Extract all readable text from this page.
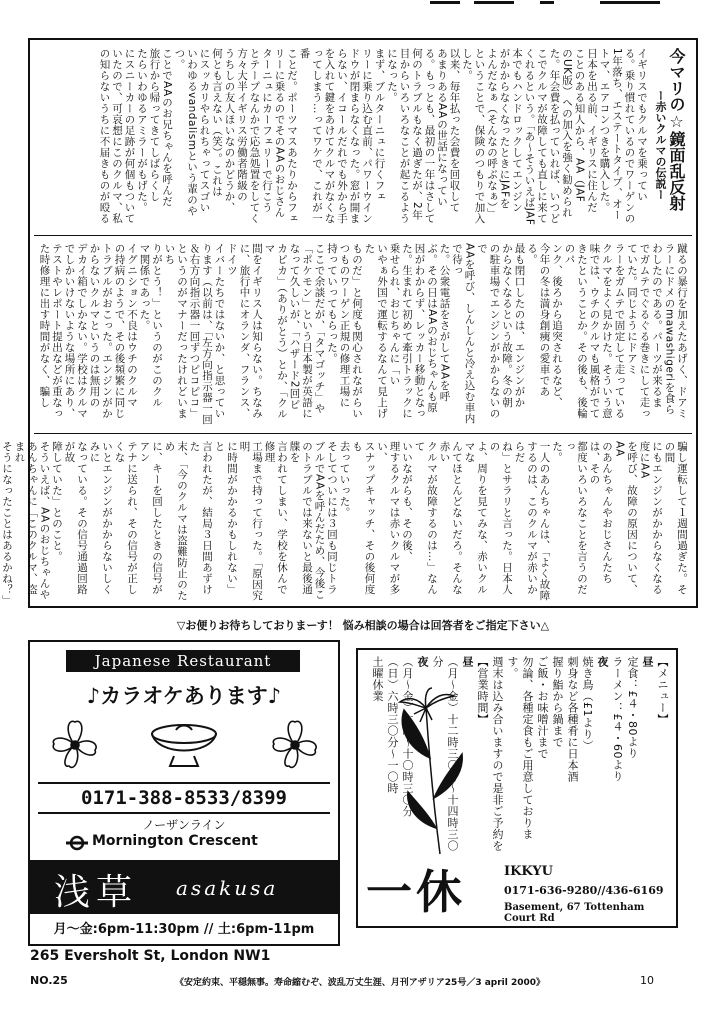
今マリの☆鏡面乱反射
ー赤いクルマの伝説ー
イギリスでもクルマを乗ってい
る。乗り慣れているのでワーゲンの
1年落ち、エステートタイプ、オー
トマ、エアコンつきを購入した。
日本を出る前、イギリスに住んだ
ことのある知人から、AA（JAF
のUK版）への加入を強く勧められ
た。年会費を払っていれば、いつど
こでクルマが故障しても直しに来て
くれるという。「あ〜そういえばJAF
本でもハンドロックしてエンジン
がかからなくなったときにJAFを
よんだなぁ（そんなの呼ぶなぁ）」
ということで、保険のつもりで加入
した。
以来、毎年払った会費を回収して
あまりあるAAの世話になってい
る。もっとも、最初の一年はさして
何のトラブルもなく過ぎたが、2年
目からいろいろなことが起こるよう
になった。
まず、ブルターニュに行くフェ
リーに乗り込む直前、パワーウイン
ドウが閉まらなくなった。窓が開ま
らない、イコールだれでも外から手
を入れて鍵をあけてクルマがなくな
ってしまう…ってワケで、これが一番
ことだ。ポーツマスあたりからフェ
リーに乗るのでそのAAのおじさん
ターニュにカーフェリーで行こう
とテープなんかで応急処置をしてく
方々大半イギリス労働者階級の
うちしの友人ほいなのかどうか、
何とも言えない（笑）。これは
にスッカリやられちゃってスゴい
いわゆるvandalismという輩のやつ。
ことでAAのお兄ちゃんを呼んだ
旅行から帰ってきてしばらくし
たらいわゆるアミラーがもげた。
にスニーカーの足跡が何個もついて
いたので、可哀想にこのクルマ、私
の知らないうちに不届きものが殴る

蹴るの暴行を加えたあげく、ドアミ
ラーにドメのmawashigeriを食ら
わしたのである。パーツが来るま
でガムテでぐるぐる巻きにして走っ
ていた。同じようにドアミ
ラーをガムテで固定して走っている
クルマをよく見かけた。そういう意
味では、ウチのクルマも風格がでて
きたということか。その後も、後輪のパ
ンク、後ろから追突されるなど、
今年の冬は満身創痍の愛車であ
る。
最も閉口したのは、エンジンがか
からなくなるという故障。冬の朝
の駐車場でエンジンがかからないので
AAを呼び、しんしんと冷え込む車内で待っ
た。公衆電話をさがしてAAを呼
ぶ。その日はAAのおじちゃんも原
因がわからず、レッカー移動となっ
た。生まれて初めて牽引トラックに
乗せられ、おじちゃんに「い
いやぁ外国で運転するなんて見上げた
ものだ」と何度も関心されながらい
つものワーゲン正規の修理工場に
持っていってもらった。
ここで余談だが、「タマゴッチ」や
「ポケモン」という日本製が英語に
なって久しいが、「ハザード2回ピ
カピカ」（ありがとう）とか、「クルマ
間をイギリス人は知らない。ちなみ
に、旅行中にオランダ、フランス、ドイツ
イバーたちではないか、と思ってい
ります（以前は、「左方向指示器一回
＆右方向指示器一回ずつピコピコ」
というのがマナーだったけれどいまいち
りがとう！」というのがこのクル
マ関係であった。
イグニション不良はウチのクルマ
の持病のようで、その後頻繁に同じ
トラブルがおこった。エンジンがか
からないクルマというのは無用の
デカイ箱でしかない。学校はクルマ
でしかいけないような場所にあり、
テストやレポート提出などが重なっ
た時修理に出す時間がなく、騙し

騙し運転して１週間過ぎた。その間
にもエンジンがかからなくなる度にAA
を呼び、故障の原因について、AA
のあんちゃんやおじさんたちは、その
都度いろいろなことを言うのだっ
た。
一人のあんちゃんは、「よく故障
するのは、このクルマが赤いからだ
ね」とサラリと言った。日本人の
よ、周りを見てみな、赤いクルマな
んてほとんどないだろ。そんな赤い
クルマが故障するのは…」なんて
いいながらも、その後、
理するクルマは赤いクルマが多い、
スナップキャッチ、その後何度も
去っていった。
そしてついには３回も同じトラ
ブルでAAを呼んだため、今後こ
のトラブルでは来ないと最後通牒を
言われてしまい、学校を休んで修理
工場まで持って行った。「原因究明
に時間がかかるかもしれない」と
言われたが、結局３日間あずけた
末、「今のクルマは盗難防止のため
に、キーを回したときの信号がアン
テナに送られ、その信号が正しくな
いとエンジンがかからないしくみに
なっている。その信号通過回路が故
障していた」とのこと。
そういえば、AAのおじちゃんや
あんちゃんに「このクルマ、盗まれ
そうになったことはあるかね？」

▽お便りお待ちしておりまーす！ 悩み相談の場合は回答者をご指定下さい△
Japanese Restaurant
♪カラオケあります♪
0171-388-8533/8399
ノーザンライン
Mornington Crescent
浅草 asakusa
月〜金:6pm-11:30pm // 土:6pm-11pm
265 Eversholt St, London NW1
【メニュー】
昼
定食：£４・80より
ラーメン：£４・60より
夜
焼き鳥（£1より）
刺身など各種肴に日本酒
握り鮨から鍋まで
ご飯・お味噌汁まで
勿論、各種定食もご用意しております。
週末は込み合いますので是非ご予約を
【営業時間】
昼
（月〜金）十二時三〇分〜十四時三〇分
夜
（月〜金）六時〜十〇時三〇分
（日）六時三〇分〜一〇時
土曜休業
一休	IKKYU
0171-636-9280//436-6169
Basement, 67 Tottenham Court Rd
NO.25	《安定約束、平穏無事。寿命縮むぞ、波乱万丈生涯、月刊アザリア25号／3 april 2000》	10
